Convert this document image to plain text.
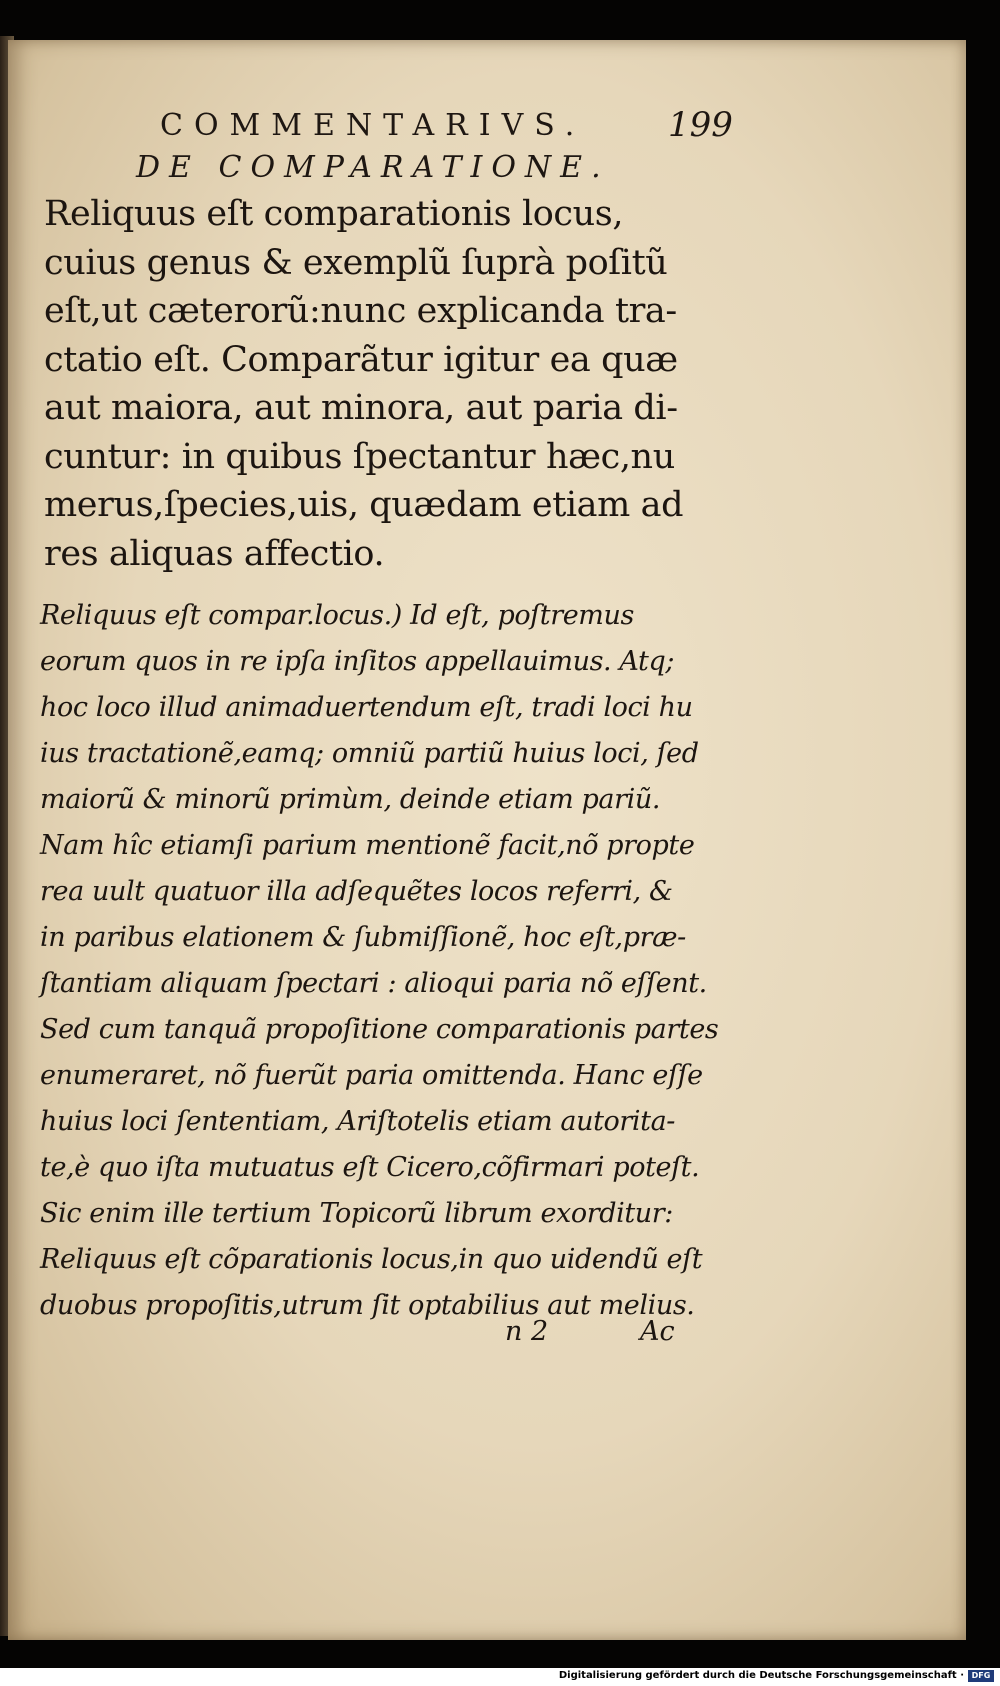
COMMENTARIVS. 199
DE COMPARATIONE.
Reliquus eſt comparationis locus,
cuius genus & exemplũ ſuprà poſitũ
eſt,ut cæterorũ:nunc explicanda tra-
ctatio eſt. Comparãtur igitur ea quæ
aut maiora, aut minora, aut paria di-
cuntur: in quibus ſpectantur hæc,nu
merus,ſpecies,uis, quædam etiam ad
res aliquas affectio.
Reliquus eſt compar.locus.) Id eſt, poſtremus
eorum quos in re ipſa inſitos appellauimus. Atq;
hoc loco illud animaduertendum eſt, tradi loci hu
ius tractationẽ,eamq; omniũ partiũ huius loci, ſed
maiorũ & minorũ primùm, deinde etiam pariũ.
Nam hîc etiamſi parium mentionẽ facit,nõ propte
rea uult quatuor illa adſequẽtes locos referri, &
in paribus elationem & ſubmiſſionẽ, hoc eſt,præ-
ſtantiam aliquam ſpectari : alioqui paria nõ eſſent.
Sed cum tanquã propoſitione comparationis partes
enumeraret, nõ fuerũt paria omittenda. Hanc eſſe
huius loci ſententiam, Ariſtotelis etiam autorita-
te,è quo iſta mutuatus eſt Cicero,cõfirmari poteſt.
Sic enim ille tertium Topicorũ librum exorditur:
Reliquus eſt cõparationis locus,in quo uidendũ eſt
duobus propoſitis,utrum ſit optabilius aut melius.
n 2	Ac
Digitalisierung gefördert durch die Deutsche Forschungsgemeinschaft · DFG
